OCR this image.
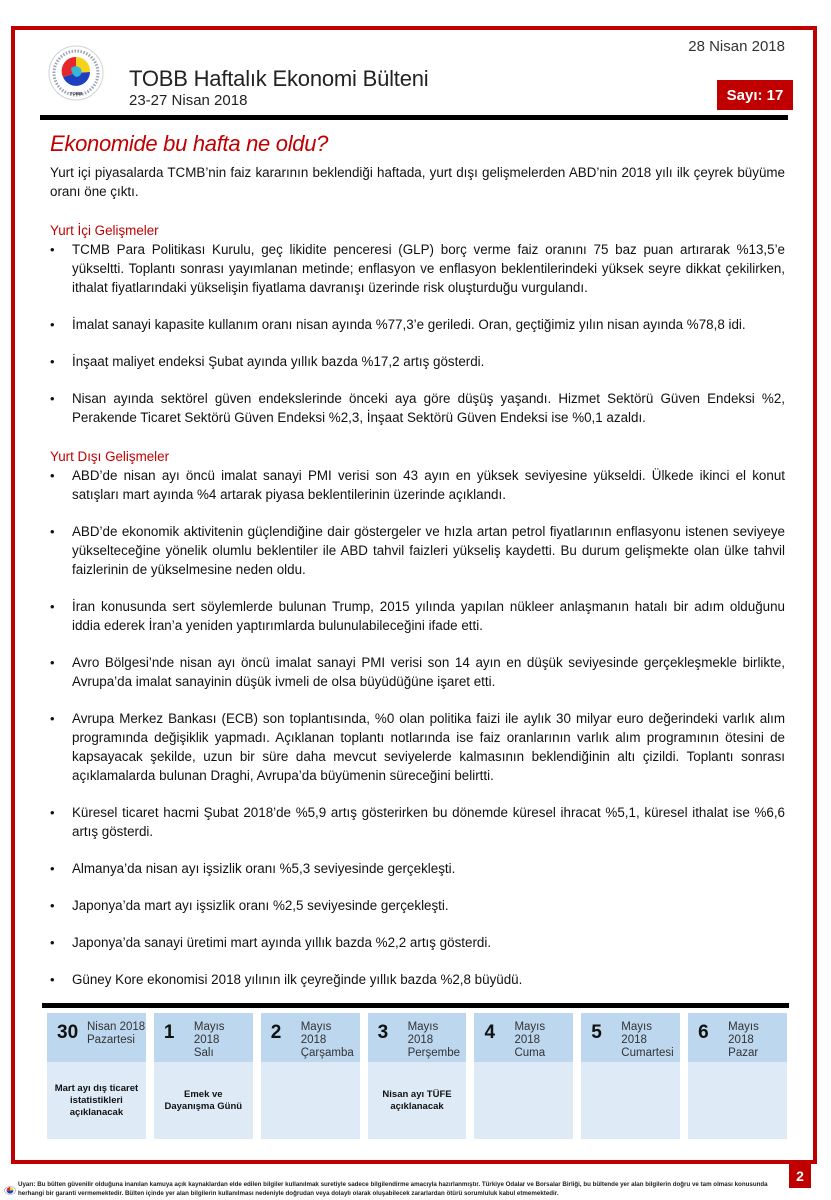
TOBB
TOBB Haftalık Ekonomi Bülteni
23-27 Nisan 2018
28 Nisan 2018
Sayı: 17
Ekonomide bu hafta ne oldu?

Yurt içi piyasalarda TCMB’nin faiz kararının beklendiği haftada, yurt dışı gelişmelerden ABD’nin 2018 yılı ilk çeyrek büyüme oranı öne çıktı.

Yurt İçi Gelişmeler
• TCMB Para Politikası Kurulu, geç likidite penceresi (GLP) borç verme faiz oranını 75 baz puan artırarak %13,5’e yükseltti. Toplantı sonrası yayımlanan metinde; enflasyon ve enflasyon beklentilerindeki yüksek seyre dikkat çekilirken, ithalat fiyatlarındaki yükselişin fiyatlama davranışı üzerinde risk oluşturduğu vurgulandı.
• İmalat sanayi kapasite kullanım oranı nisan ayında %77,3’e geriledi. Oran, geçtiğimiz yılın nisan ayında %78,8 idi.
• İnşaat maliyet endeksi Şubat ayında yıllık bazda %17,2 artış gösterdi.
• Nisan ayında sektörel güven endekslerinde önceki aya göre düşüş yaşandı. Hizmet Sektörü Güven Endeksi %2, Perakende Ticaret Sektörü Güven Endeksi %2,3, İnşaat Sektörü Güven Endeksi ise %0,1 azaldı.
Yurt Dışı Gelişmeler
• ABD’de nisan ayı öncü imalat sanayi PMI verisi son 43 ayın en yüksek seviyesine yükseldi. Ülkede ikinci el konut satışları mart ayında %4 artarak piyasa beklentilerinin üzerinde açıklandı.
• ABD’de ekonomik aktivitenin güçlendiğine dair göstergeler ve hızla artan petrol fiyatlarının enflasyonu istenen seviyeye yükselteceğine yönelik olumlu beklentiler ile ABD tahvil faizleri yükseliş kaydetti. Bu durum gelişmekte olan ülke tahvil faizlerinin de yükselmesine neden oldu.
• İran konusunda sert söylemlerde bulunan Trump, 2015 yılında yapılan nükleer anlaşmanın hatalı bir adım olduğunu iddia ederek İran’a yeniden yaptırımlarda bulunulabileceğini ifade etti.
• Avro Bölgesi’nde nisan ayı öncü imalat sanayi PMI verisi son 14 ayın en düşük seviyesinde gerçekleşmekle birlikte, Avrupa’da imalat sanayinin düşük ivmeli de olsa büyüdüğüne işaret etti.
• Avrupa Merkez Bankası (ECB) son toplantısında, %0 olan politika faizi ile aylık 30 milyar euro değerindeki varlık alım programında değişiklik yapmadı. Açıklanan toplantı notlarında ise faiz oranlarının varlık alım programının ötesini de kapsayacak şekilde, uzun bir süre daha mevcut seviyelerde kalmasının beklendiğinin altı çizildi. Toplantı sonrası açıklamalarda bulunan Draghi, Avrupa’da büyümenin süreceğini belirtti.
• Küresel ticaret hacmi Şubat 2018’de %5,9 artış gösterirken bu dönemde küresel ihracat %5,1, küresel ithalat ise %6,6 artış gösterdi.
• Almanya’da nisan ayı işsizlik oranı %5,3 seviyesinde gerçekleşti.
• Japonya’da mart ayı işsizlik oranı %2,5 seviyesinde gerçekleşti.
• Japonya’da sanayi üretimi mart ayında yıllık bazda %2,2 artış gösterdi.
• Güney Kore ekonomisi 2018 yılının ilk çeyreğinde yıllık bazda %2,8 büyüdü.
30 Nisan 2018
Pazartesi
Mart ayı dış ticaret istatistikleri açıklanacak
1	Mayıs 2018
Salı
Emek ve Dayanışma Günü
2	Mayıs 2018
Çarşamba
3	Mayıs 2018
Perşembe
Nisan ayı TÜFE açıklanacak
4	Mayıs 2018
Cuma
5	Mayıs 2018
Cumartesi
6	Mayıs 2018
Pazar
2
Uyarı: Bu bülten güvenilir olduğuna inanılan kamuya açık kaynaklardan elde edilen bilgiler kullanılmak suretiyle sadece bilgilendirme amacıyla hazırlanmıştır. Türkiye Odalar ve Borsalar Birliği, bu bültende yer alan bilgilerin doğru ve tam olması konusunda herhangi bir garanti vermemektedir. Bülten içinde yer alan bilgilerin kullanılması nedeniyle doğrudan veya dolaylı olarak oluşabilecek zararlardan ötürü sorumluluk kabul etmemektedir.
